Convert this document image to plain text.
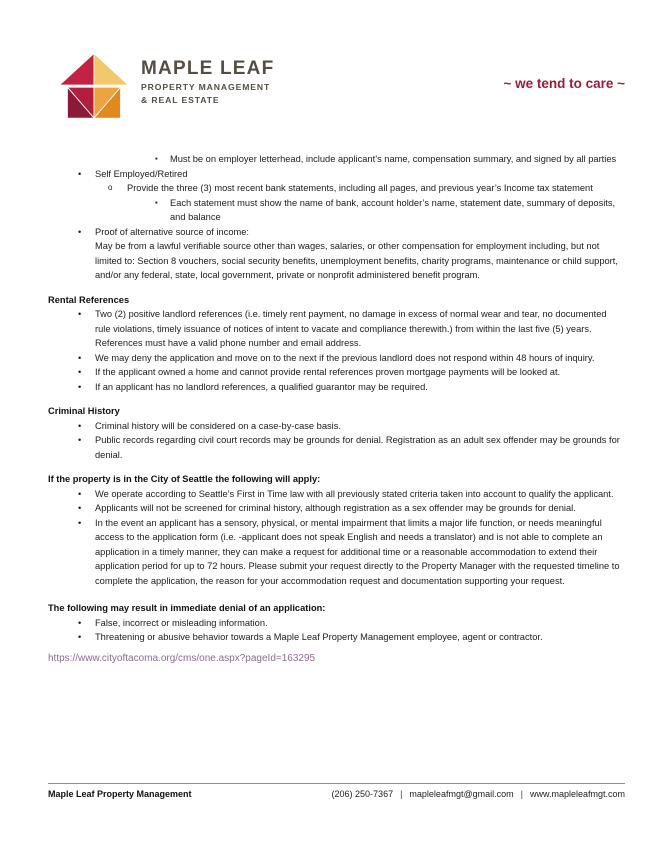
MAPLE LEAF
PROPERTY MANAGEMENT
& REAL ESTATE
~ we tend to care ~
▪ Must be on employer letterhead, include applicant’s name, compensation summary, and signed by all parties
• Self Employed/Retired
o Provide the three (3) most recent bank statements, including all pages, and previous year’s Income tax statement
▪ Each statement must show the name of bank, account holder’s name, statement date, summary of deposits, and balance
• Proof of alternative source of income:
May be from a lawful verifiable source other than wages, salaries, or other compensation for employment including, but not limited to: Section 8 vouchers, social security benefits, unemployment benefits, charity programs, maintenance or child support, and/or any federal, state, local government, private or nonprofit administered benefit program.
Rental References
• Two (2) positive landlord references (i.e. timely rent payment, no damage in excess of normal wear and tear, no documented rule violations, timely issuance of notices of intent to vacate and compliance therewith.) from within the last five (5) years. References must have a valid phone number and email address.
• We may deny the application and move on to the next if the previous landlord does not respond within 48 hours of inquiry.
• If the applicant owned a home and cannot provide rental references proven mortgage payments will be looked at.
• If an applicant has no landlord references, a qualified guarantor may be required.
Criminal History
• Criminal history will be considered on a case-by-case basis.
• Public records regarding civil court records may be grounds for denial. Registration as an adult sex offender may be grounds for denial.
If the property is in the City of Seattle the following will apply:
• We operate according to Seattle’s First in Time law with all previously stated criteria taken into account to qualify the applicant.
• Applicants will not be screened for criminal history, although registration as a sex offender may be grounds for denial.
• In the event an applicant has a sensory, physical, or mental impairment that limits a major life function, or needs meaningful access to the application form (i.e. -applicant does not speak English and needs a translator) and is not able to complete an application in a timely manner, they can make a request for additional time or a reasonable accommodation to extend their application period for up to 72 hours. Please submit your request directly to the Property Manager with the requested timeline to complete the application, the reason for your accommodation request and documentation supporting your request.
The following may result in immediate denial of an application:
• False, incorrect or misleading information.
• Threatening or abusive behavior towards a Maple Leaf Property Management employee, agent or contractor.
https://www.cityoftacoma.org/cms/one.aspx?pageId=163295
Maple Leaf Property Management	(206) 250-7367 | mapleleafmgt@gmail.com | www.mapleleafmgt.com
